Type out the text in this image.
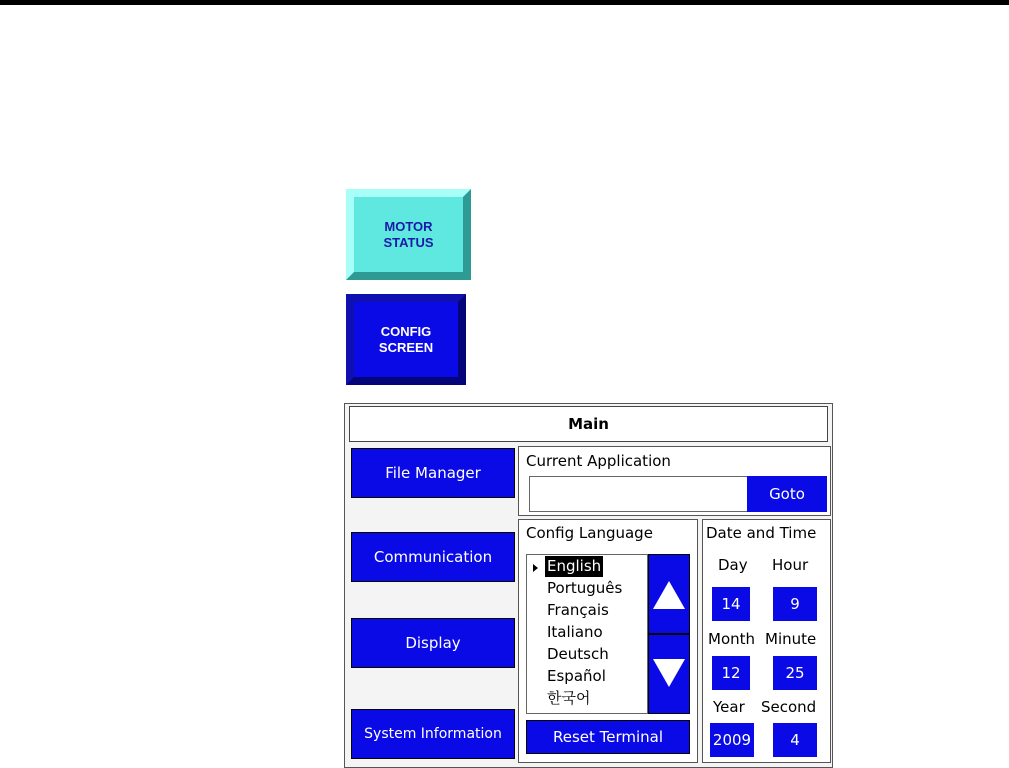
MOTOR
STATUS
CONFIG
SCREEN
Main
File Manager
Communication
Display
System Information
Current Application
Goto
Config Language
English
Português
Français
Italiano
Deutsch
Español
한국어
Reset Terminal
Date and Time
Day Hour
14	9
Month Minute
12	25
Year Second
2009	4
